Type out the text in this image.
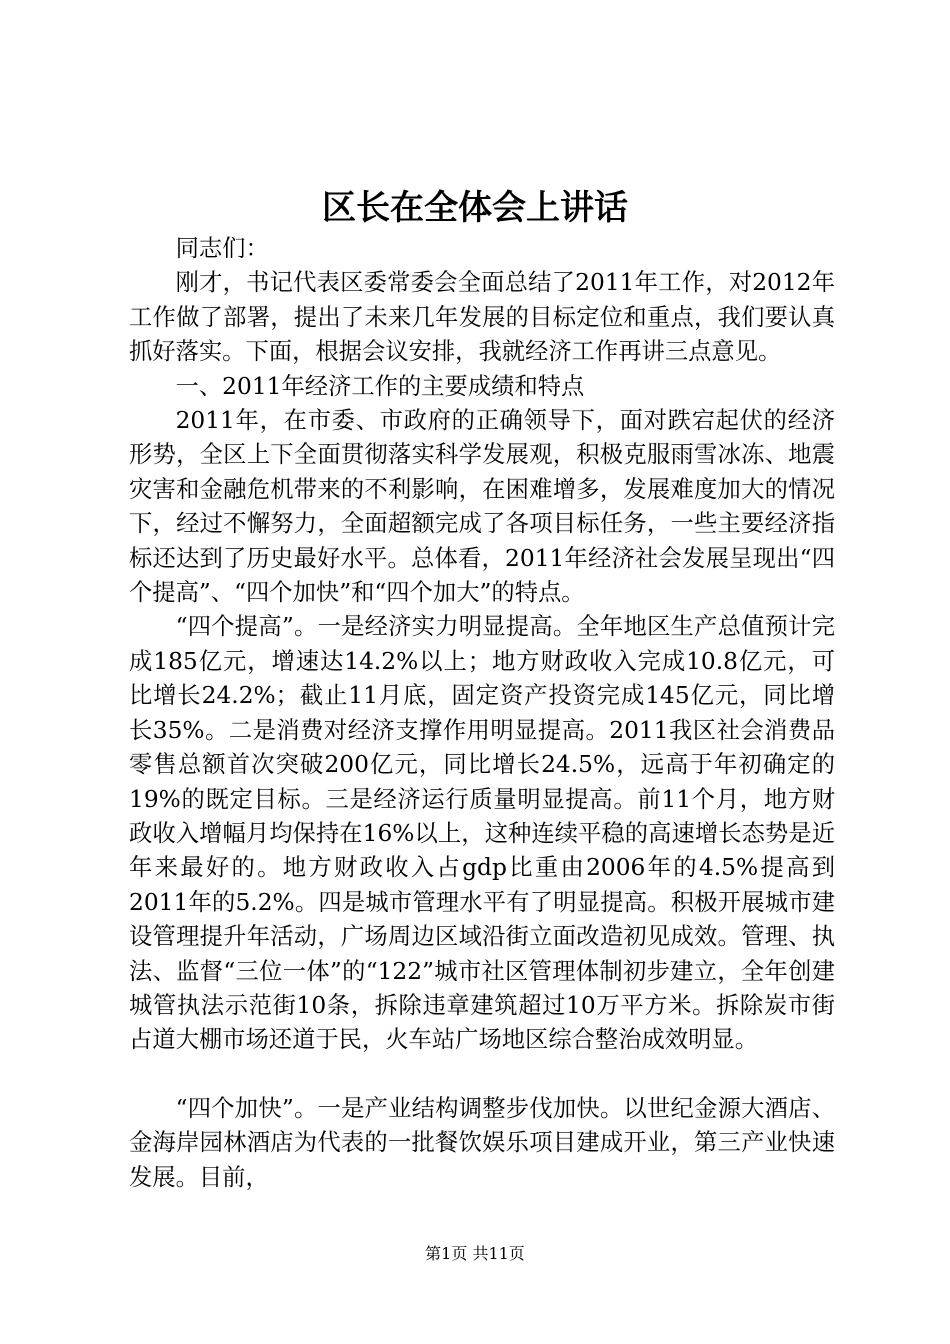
区长在全体会上讲话

同志们：

刚才，书记代表区委常委会全面总结了2011年工作，对2012年工作做了部署，提出了未来几年发展的目标定位和重点，我们要认真抓好落实。下面，根据会议安排，我就经济工作再讲三点意见。

一、2011年经济工作的主要成绩和特点

2011年，在市委、市政府的正确领导下，面对跌宕起伏的经济形势，全区上下全面贯彻落实科学发展观，积极克服雨雪冰冻、地震灾害和金融危机带来的不利影响，在困难增多，发展难度加大的情况下，经过不懈努力，全面超额完成了各项目标任务，一些主要经济指标还达到了历史最好水平。总体看，2011年经济社会发展呈现出“四个提高”、“四个加快”和“四个加大”的特点。

“四个提高”。一是经济实力明显提高。全年地区生产总值预计完成185亿元，增速达14.2%以上；地方财政收入完成10.8亿元，可比增长24.2%；截止11月底，固定资产投资完成145亿元，同比增长35%。二是消费对经济支撑作用明显提高。2011我区社会消费品零售总额首次突破200亿元，同比增长24.5%，远高于年初确定的19%的既定目标。三是经济运行质量明显提高。前11个月，地方财政收入增幅月均保持在16%以上，这种连续平稳的高速增长态势是近年来最好的。地方财政收入占gdp比重由2006年的4.5%提高到2011年的5.2%。四是城市管理水平有了明显提高。积极开展城市建设管理提升年活动，广场周边区域沿街立面改造初见成效。管理、执法、监督“三位一体”的“122”城市社区管理体制初步建立，全年创建城管执法示范街10条，拆除违章建筑超过10万平方米。拆除炭市街占道大棚市场还道于民，火车站广场地区综合整治成效明显。

“四个加快”。一是产业结构调整步伐加快。以世纪金源大酒店、金海岸园林酒店为代表的一批餐饮娱乐项目建成开业，第三产业快速发展。目前，

第1页 共11页
